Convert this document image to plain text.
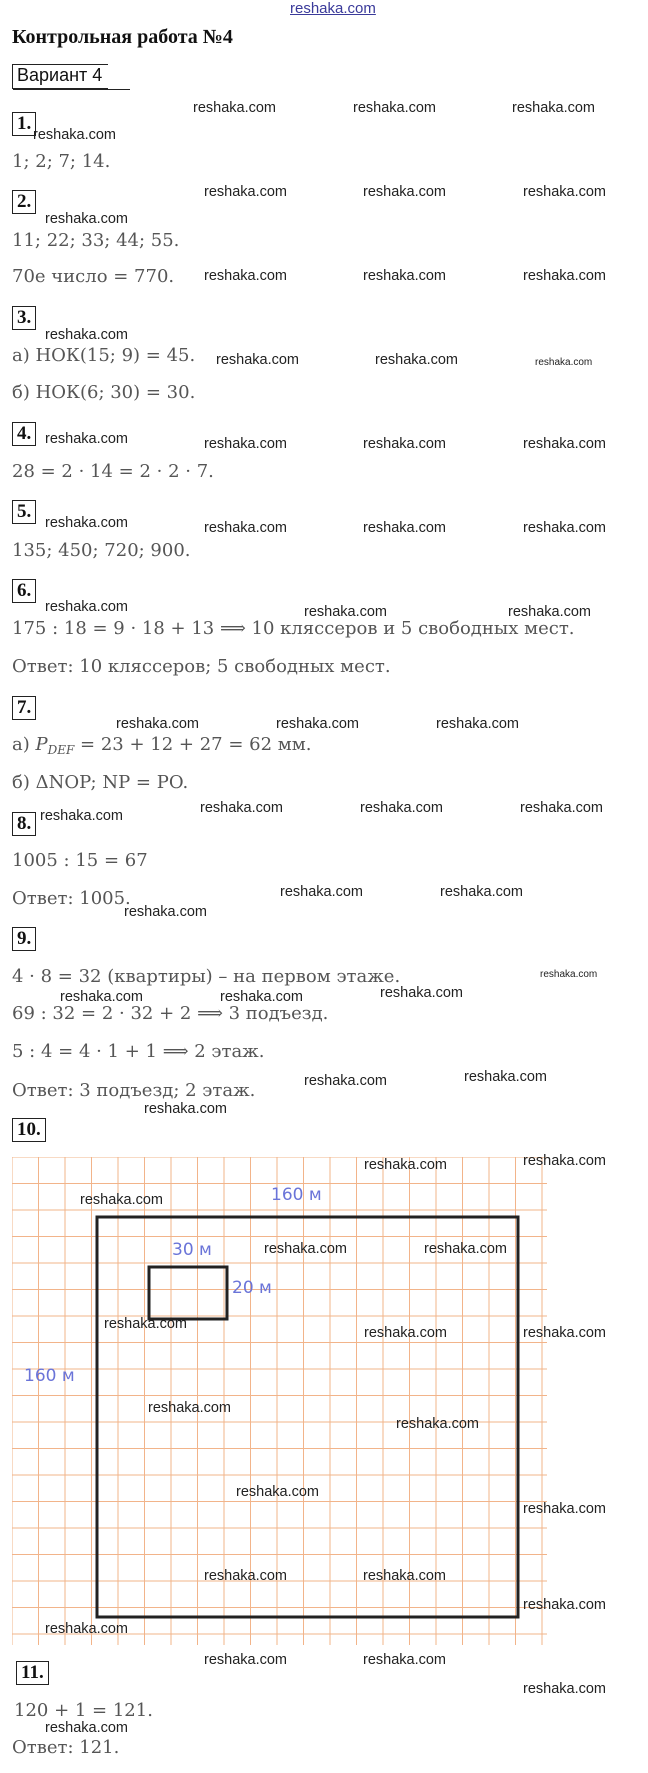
reshaka.com
Контрольная работа №4
Вариант 4
1.
1; 2; 7; 14.
2.
11; 22; 33; 44; 55.
70е число = 770.
3.
а) НОК(15; 9) = 45.
б) НОК(6; 30) = 30.
4.
28 = 2 · 14 = 2 · 2 · 7.
5.
135; 450; 720; 900.
6.
175 : 18 = 9 · 18 + 13 ⟹ 10 кляссеров и 5 свободных мест.
Ответ: 10 кляссеров; 5 свободных мест.
7.
а) $P_{DEF} = 23 + 12 + 27 = 62$ мм.
б) ΔNOP; NP = PO.
8.
1005 : 15 = 67
Ответ: 1005.
9.
4 · 8 = 32 (квартиры) – на первом этаже.
69 : 32 = 2 · 32 + 2 ⟹ 3 подъезд.
5 : 4 = 4 · 1 + 1 ⟹ 2 этаж.
Ответ: 3 подъезд; 2 этаж.
10.
160 м
160 м
30 м
20 м
11.
120 + 1 = 121.
Ответ: 121.
reshaka.com
reshaka.com	reshaka.com	reshaka.com
reshaka.com
reshaka.com	reshaka.com	reshaka.com
reshaka.com	reshaka.com	reshaka.com
reshaka.com
reshaka.com	reshaka.com	reshaka.com
reshaka.com	reshaka.com	reshaka.com	reshaka.com
reshaka.com	reshaka.com	reshaka.com	reshaka.com
reshaka.com	reshaka.com	reshaka.com
reshaka.com	reshaka.com	reshaka.com
reshaka.com	reshaka.com	reshaka.com	reshaka.com
reshaka.com	reshaka.com
reshaka.com
reshaka.com
reshaka.com	reshaka.com	reshaka.com
reshaka.com	reshaka.com
reshaka.com
reshaka.com	reshaka.com
reshaka.com
reshaka.com	reshaka.com
reshaka.com
reshaka.com	reshaka.com
reshaka.com
reshaka.com
reshaka.com
reshaka.com
reshaka.com	reshaka.com
reshaka.com
reshaka.com
reshaka.com	reshaka.com
reshaka.com
reshaka.com
